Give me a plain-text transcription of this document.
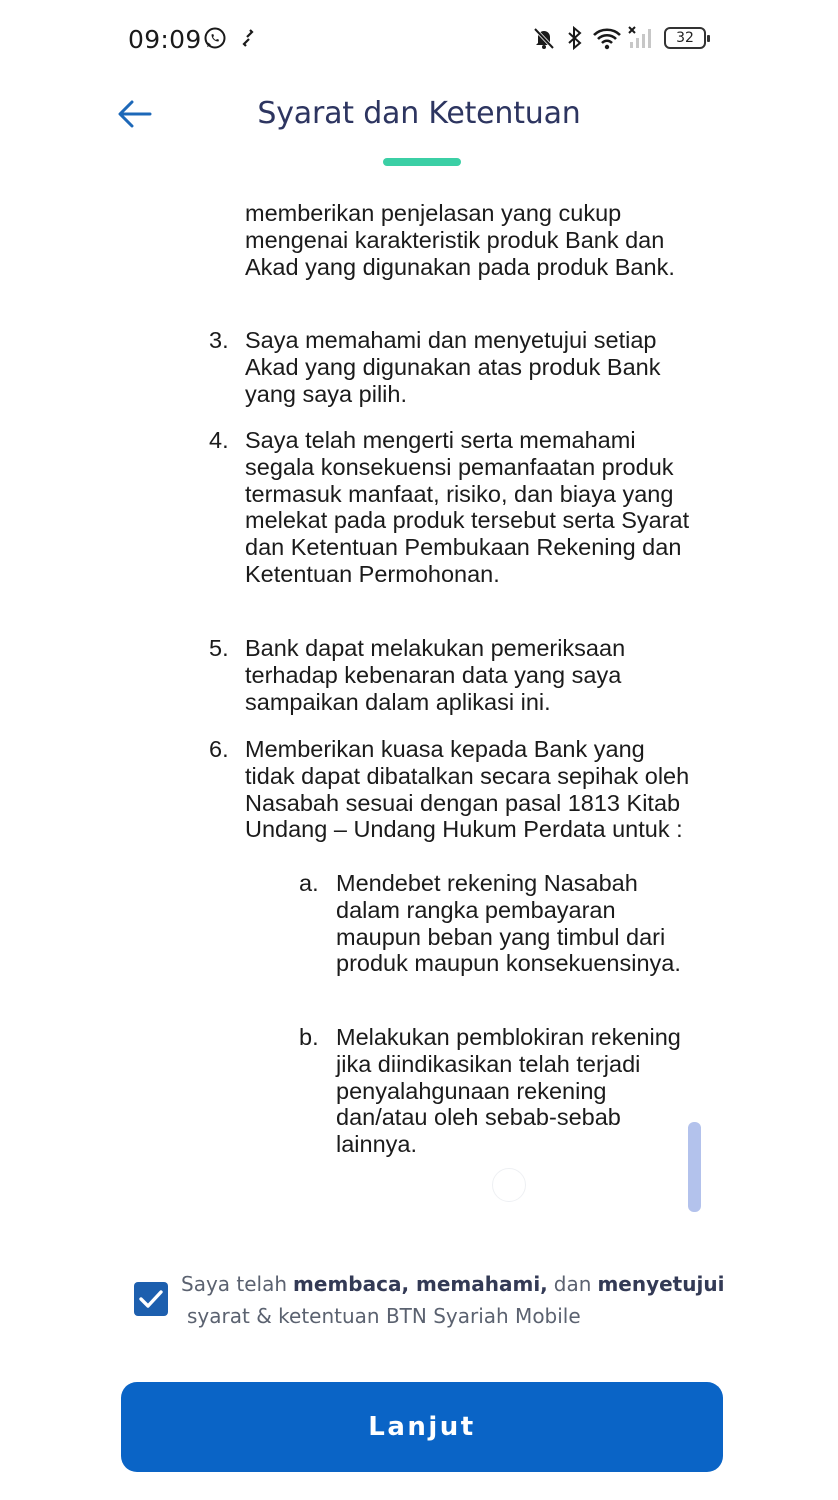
09:09	32
Syarat dan Ketentuan
memberikan penjelasan yang cukup mengenai karakteristik produk Bank dan Akad yang digunakan pada produk Bank.
3. Saya memahami dan menyetujui setiap Akad yang digunakan atas produk Bank yang saya pilih.
4. Saya telah mengerti serta memahami segala konsekuensi pemanfaatan produk termasuk manfaat, risiko, dan biaya yang melekat pada produk tersebut serta Syarat dan Ketentuan Pembukaan Rekening dan Ketentuan Permohonan.
5. Bank dapat melakukan pemeriksaan terhadap kebenaran data yang saya sampaikan dalam aplikasi ini.
6. Memberikan kuasa kepada Bank yang tidak dapat dibatalkan secara sepihak oleh Nasabah sesuai dengan pasal 1813 Kitab Undang – Undang Hukum Perdata untuk :
a. Mendebet rekening Nasabah dalam rangka pembayaran maupun beban yang timbul dari produk maupun konsekuensinya.
b. Melakukan pemblokiran rekening jika diindikasikan telah terjadi penyalahgunaan rekening dan/atau oleh sebab-sebab lainnya.
Saya telah membaca, memahami, dan menyetujuisyarat & ketentuan BTN Syariah Mobile
Lanjut
